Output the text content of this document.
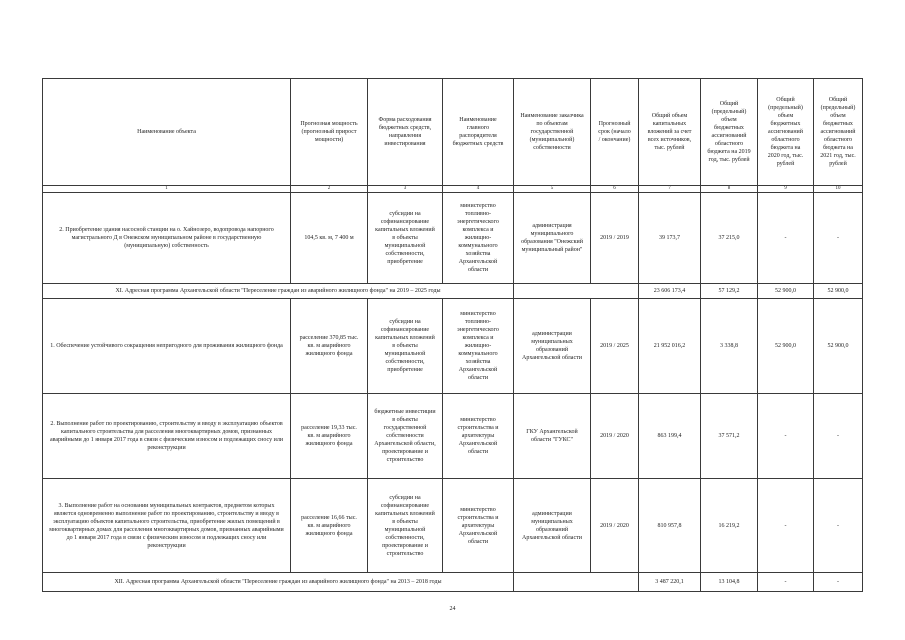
Наименование объекта	Прогнозная мощность (прогнозный прирост мощности)	Форма расходования бюджетных средств, направления инвестирования	Наименование главного распорядителя бюджетных средств	Наименование заказчика по объектам государственной (муниципальной) собственности	Прогнозный срок (начало / окончание)	Общий объем капитальных вложений за счет всех источников, тыс. рублей	Общий (предельный) объем бюджетных ассигнований областного бюджета на 2019 год, тыс. рублей	Общий (предельный) объем бюджетных ассигнований областного бюджета на 2020 год, тыс. рублей	Общий (предельный) объем бюджетных ассигнований областного бюджета на 2021 год, тыс. рублей
1	2	3	4	5	6	7	8	9	10
2. Приобретение здания насосной станции на о. Хайнозеро, водопровода напорного магистрального Д в Онежском муниципальном районе в государственную (муниципальную) собственность	104,5 кв. м, 7 400 м	субсидии на софинансирование капитальных вложений в объекты муниципальной собственности, приобретение	министерство топливно-энергетического комплекса и жилищно-коммунального хозяйства Архангельской области	администрация муниципального образования "Онежский муниципальный район"	2019 / 2019	39 173,7	37 215,0	-	-
XI. Адресная программа Архангельской области "Переселение граждан из аварийного жилищного фонда" на 2019 – 2025 годы						23 606 173,4	57 129,2	52 900,0	52 900,0
1. Обеспечение устойчивого сокращения непригодного для проживания жилищного фонда	расселение 370,85 тыс. кв. м аварийного жилищного фонда	субсидии на софинансирование капитальных вложений в объекты муниципальной собственности, приобретение	министерство топливно-энергетического комплекса и жилищно-коммунального хозяйства Архангельской области	администрации муниципальных образований Архангельской области	2019 / 2025	21 952 016,2	3 338,8	52 900,0	52 900,0
2. Выполнение работ по проектированию, строительству и вводу в эксплуатацию объектов капитального строительства для расселения многоквартирных домов, признанных аварийными до 1 января 2017 года в связи с физическим износом и подлежащих сносу или реконструкции	расселение 19,33 тыс. кв. м аварийного жилищного фонда	бюджетные инвестиции в объекты государственной собственности Архангельской области, проектирование и строительство	министерство строительства и архитектуры Архангельской области	ГКУ Архангельской области "ГУКС"	2019 / 2020	863 199,4	37 571,2	-	-
3. Выполнение работ на основании муниципальных контрактов, предметом которых является одновременно выполнение работ по проектированию, строительству и вводу в эксплуатацию объектов капитального строительства, приобретение жилых помещений в многоквартирных домах для расселения многоквартирных домов, признанных аварийными до 1 января 2017 года в связи с физическим износом и подлежащих сносу или реконструкции	расселение 16,66 тыс. кв. м аварийного жилищного фонда	субсидии на софинансирование капитальных вложений в объекты муниципальной собственности, проектирование и строительство	министерство строительства и архитектуры Архангельской области	администрации муниципальных образований Архангельской области	2019 / 2020	810 957,8	16 219,2	-	-
XII. Адресная программа Архангельской области "Переселение граждан из аварийного жилищного фонда" на 2013 – 2018 годы						3 487 220,1	13 104,8	-	-
24
